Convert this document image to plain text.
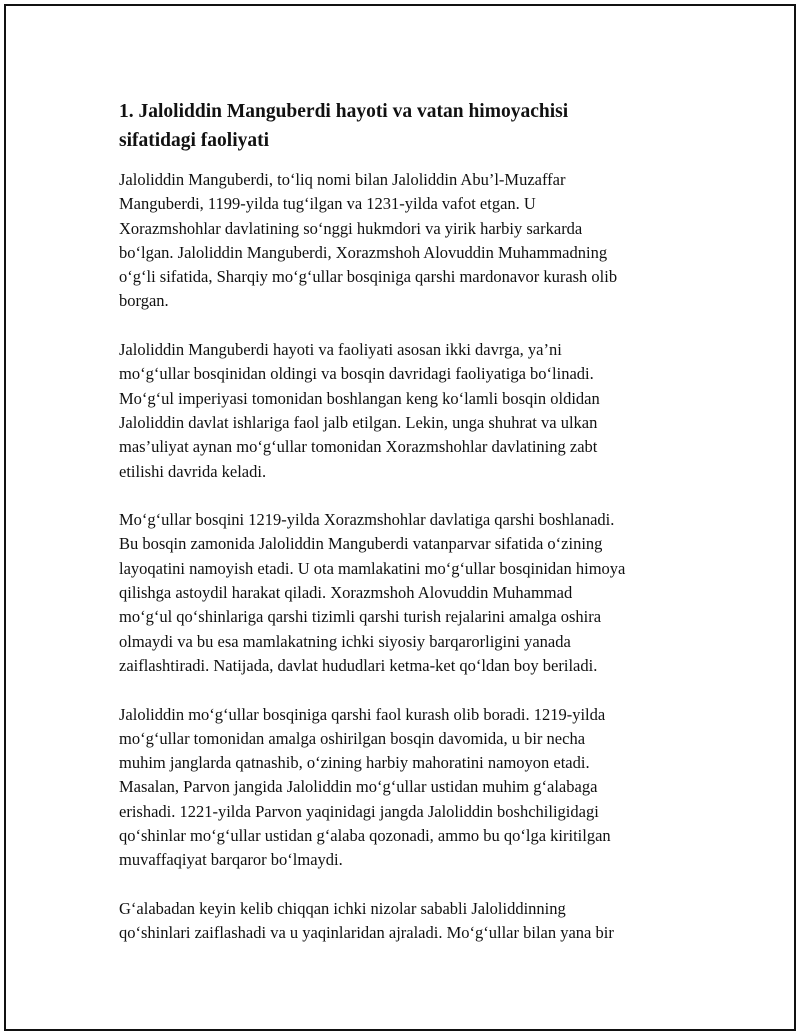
1. Jaloliddin Manguberdi hayoti va vatan himoyachisi
sifatidagi faoliyati

Jaloliddin Manguberdi, to‘liq nomi bilan Jaloliddin Abu’l-Muzaffar
Manguberdi, 1199-yilda tug‘ilgan va 1231-yilda vafot etgan. U
Xorazmshohlar davlatining so‘nggi hukmdori va yirik harbiy sarkarda
bo‘lgan. Jaloliddin Manguberdi, Xorazmshoh Alovuddin Muhammadning
o‘g‘li sifatida, Sharqiy mo‘g‘ullar bosqiniga qarshi mardonavor kurash olib
borgan.

Jaloliddin Manguberdi hayoti va faoliyati asosan ikki davrga, ya’ni
mo‘g‘ullar bosqinidan oldingi va bosqin davridagi faoliyatiga bo‘linadi.
Mo‘g‘ul imperiyasi tomonidan boshlangan keng ko‘lamli bosqin oldidan
Jaloliddin davlat ishlariga faol jalb etilgan. Lekin, unga shuhrat va ulkan
mas’uliyat aynan mo‘g‘ullar tomonidan Xorazmshohlar davlatining zabt
etilishi davrida keladi.

Mo‘g‘ullar bosqini 1219-yilda Xorazmshohlar davlatiga qarshi boshlanadi.
Bu bosqin zamonida Jaloliddin Manguberdi vatanparvar sifatida o‘zining
layoqatini namoyish etadi. U ota mamlakatini mo‘g‘ullar bosqinidan himoya
qilishga astoydil harakat qiladi. Xorazmshoh Alovuddin Muhammad
mo‘g‘ul qo‘shinlariga qarshi tizimli qarshi turish rejalarini amalga oshira
olmaydi va bu esa mamlakatning ichki siyosiy barqarorligini yanada
zaiflashtiradi. Natijada, davlat hududlari ketma-ket qo‘ldan boy beriladi.

Jaloliddin mo‘g‘ullar bosqiniga qarshi faol kurash olib boradi. 1219-yilda
mo‘g‘ullar tomonidan amalga oshirilgan bosqin davomida, u bir necha
muhim janglarda qatnashib, o‘zining harbiy mahoratini namoyon etadi.
Masalan, Parvon jangida Jaloliddin mo‘g‘ullar ustidan muhim g‘alabaga
erishadi. 1221-yilda Parvon yaqinidagi jangda Jaloliddin boshchiligidagi
qo‘shinlar mo‘g‘ullar ustidan g‘alaba qozonadi, ammo bu qo‘lga kiritilgan
muvaffaqiyat barqaror bo‘lmaydi.

G‘alabadan keyin kelib chiqqan ichki nizolar sababli Jaloliddinning
qo‘shinlari zaiflashadi va u yaqinlaridan ajraladi. Mo‘g‘ullar bilan yana bir
